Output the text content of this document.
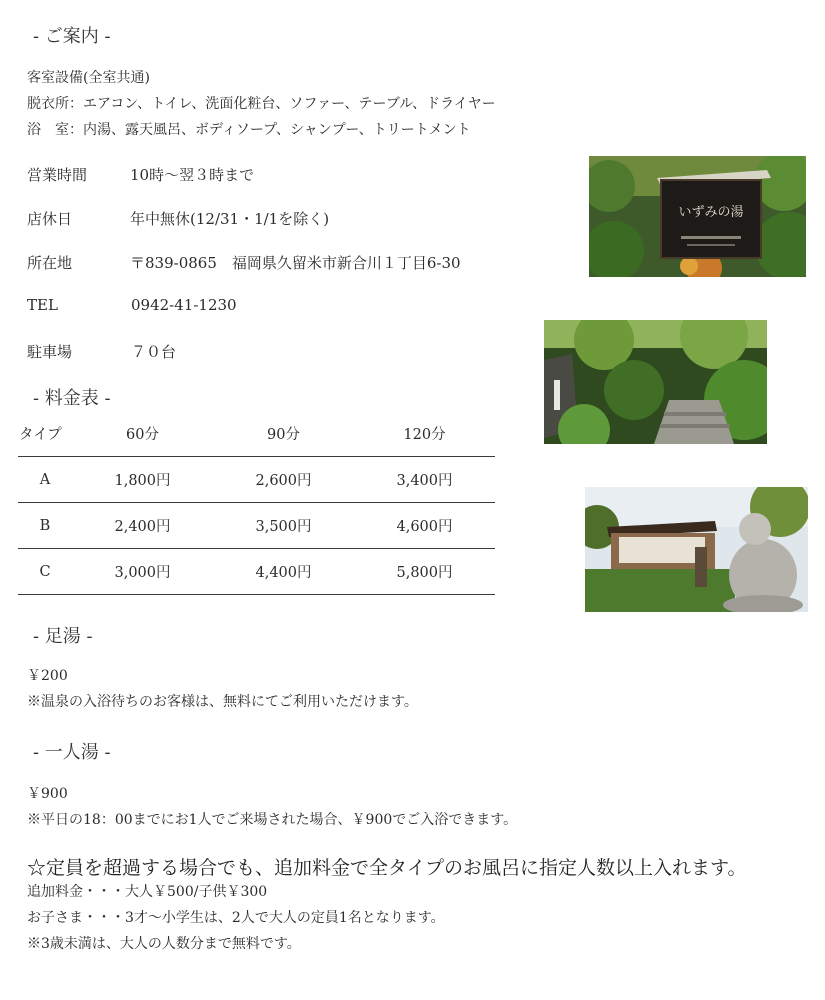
- ご案内 -
客室設備(全室共通)
脱衣所：エアコン、トイレ、洗面化粧台、ソファー、テーブル、ドライヤー
浴　室：内湯、露天風呂、ボディソープ、シャンプー、トリートメント
営業時間	10時～翌３時まで
店休日	年中無休(12/31・1/1を除く)
所在地	〒839-0865　福岡県久留米市新合川１丁目6-30
TEL	0942-41-1230
駐車場	７０台
- 料金表 -
タイプ	60分	90分	120分
A	1,800円	2,600円	3,400円
B	2,400円	3,500円	4,600円
C	3,000円	4,400円	5,800円
- 足湯 -
￥200
※温泉の入浴待ちのお客様は、無料にてご利用いただけます。
- 一人湯 -
￥900
※平日の18：00までにお1人でご来場された場合、￥900でご入浴できます。
☆定員を超過する場合でも、追加料金で全タイプのお風呂に指定人数以上入れます。
追加料金・・・大人￥500/子供￥300
お子さま・・・3才～小学生は、2人で大人の定員1名となります。
※3歳未満は、大人の人数分まで無料です。
いずみの湯
